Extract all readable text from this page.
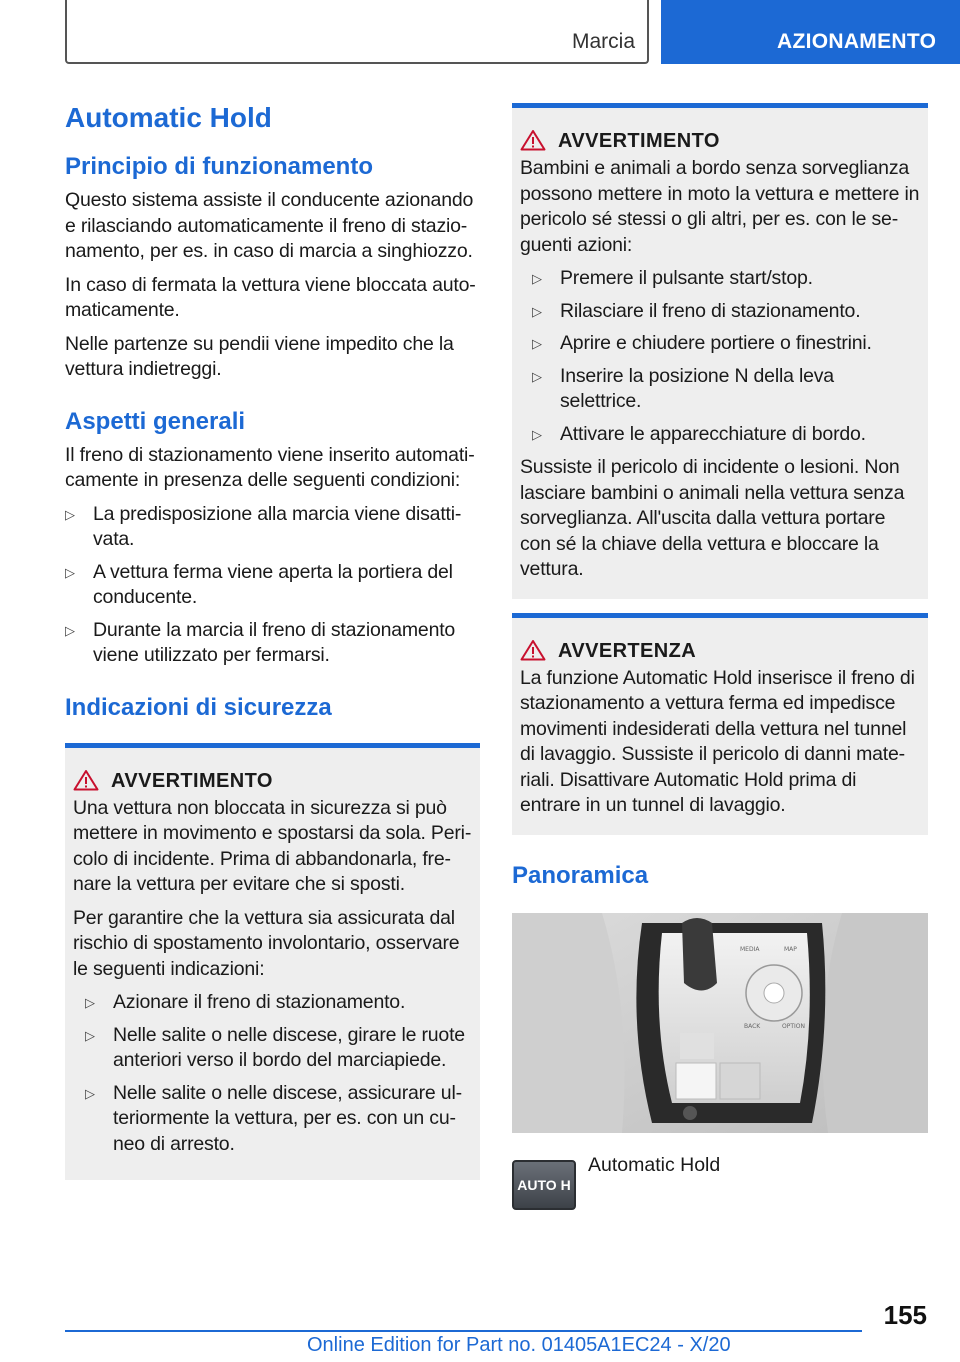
Marcia	AZIONAMENTO
Automatic Hold
Principio di funzionamento

Questo sistema assiste il conducente azionando e rilasciando automaticamente il freno di stazionamento, per es. in caso di marcia a singhiozzo.

In caso di fermata la vettura viene bloccata automaticamente.

Nelle partenze su pendii viene impedito che la vettura indietreggi.

Aspetti generali

Il freno di stazionamento viene inserito automaticamente in presenza delle seguenti condizioni:

▷ La predisposizione alla marcia viene disattivata.
▷ A vettura ferma viene aperta la portiera del conducente.
▷ Durante la marcia il freno di stazionamento viene utilizzato per fermarsi.
Indicazioni di sicurezza
AVVERTIMENTO

Una vettura non bloccata in sicurezza si può mettere in movimento e spostarsi da sola. Pericolo di incidente. Prima di abbandonarla, frenare la vettura per evitare che si sposti.

Per garantire che la vettura sia assicurata dal rischio di spostamento involontario, osservare le seguenti indicazioni:

▷ Azionare il freno di stazionamento.
▷ Nelle salite o nelle discese, girare le ruote anteriori verso il bordo del marciapiede.
▷ Nelle salite o nelle discese, assicurare ulteriormente la vettura, per es. con un cuneo di arresto.
AVVERTIMENTO

Bambini e animali a bordo senza sorveglianza possono mettere in moto la vettura e mettere in pericolo sé stessi o gli altri, per es. con le seguenti azioni:

▷ Premere il pulsante start/stop.
▷ Rilasciare il freno di stazionamento.
▷ Aprire e chiudere portiere o finestrini.
▷ Inserire la posizione N della leva selettrice.
▷ Attivare le apparecchiature di bordo.

Sussiste il pericolo di incidente o lesioni. Non lasciare bambini o animali nella vettura senza sorveglianza. All'uscita dalla vettura portare con sé la chiave della vettura e bloccare la vettura.

AVVERTENZA

La funzione Automatic Hold inserisce il freno di stazionamento a vettura ferma ed impedisce movimenti indesiderati della vettura nel tunnel di lavaggio. Sussiste il pericolo di danni materiali. Disattivare Automatic Hold prima di entrare in un tunnel di lavaggio.

Panoramica
MEDIA	MAP
BACK	OPTION
AUTO H
Automatic Hold
155
Online Edition for Part no. 01405A1EC24 - X/20
